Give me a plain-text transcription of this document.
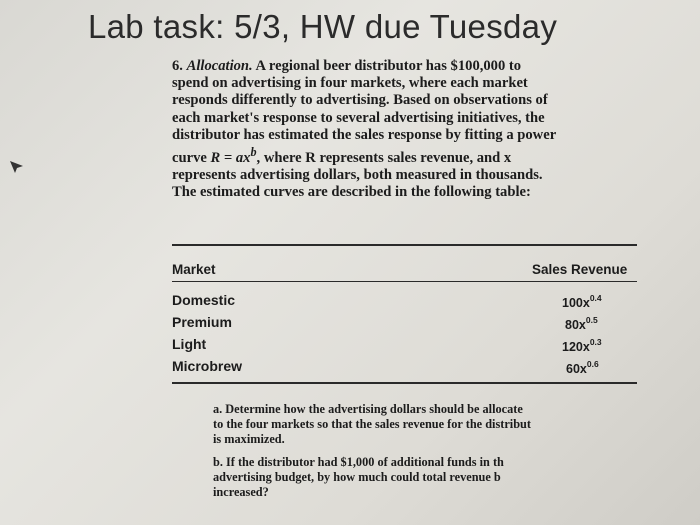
Lab task: 5/3, HW due Tuesday
6. Allocation. A regional beer distributor has $100,000 to
spend on advertising in four markets, where each market
responds differently to advertising. Based on observations of
each market's response to several advertising initiatives, the
distributor has estimated the sales response by fitting a power
curve $R = ax^b$, where R represents sales revenue, and x
represents advertising dollars, both measured in thousands.
The estimated curves are described in the following table:
Market	Sales Revenue
Domestic	$100x^{0.4}$
Premium	$80x^{0.5}$
Light	$120x^{0.3}$
Microbrew	$60x^{0.6}$
a. Determine how the advertising dollars should be allocate
to the four markets so that the sales revenue for the distribut
is maximized.
b. If the distributor had $1,000 of additional funds in th
advertising budget, by how much could total revenue b
increased?
